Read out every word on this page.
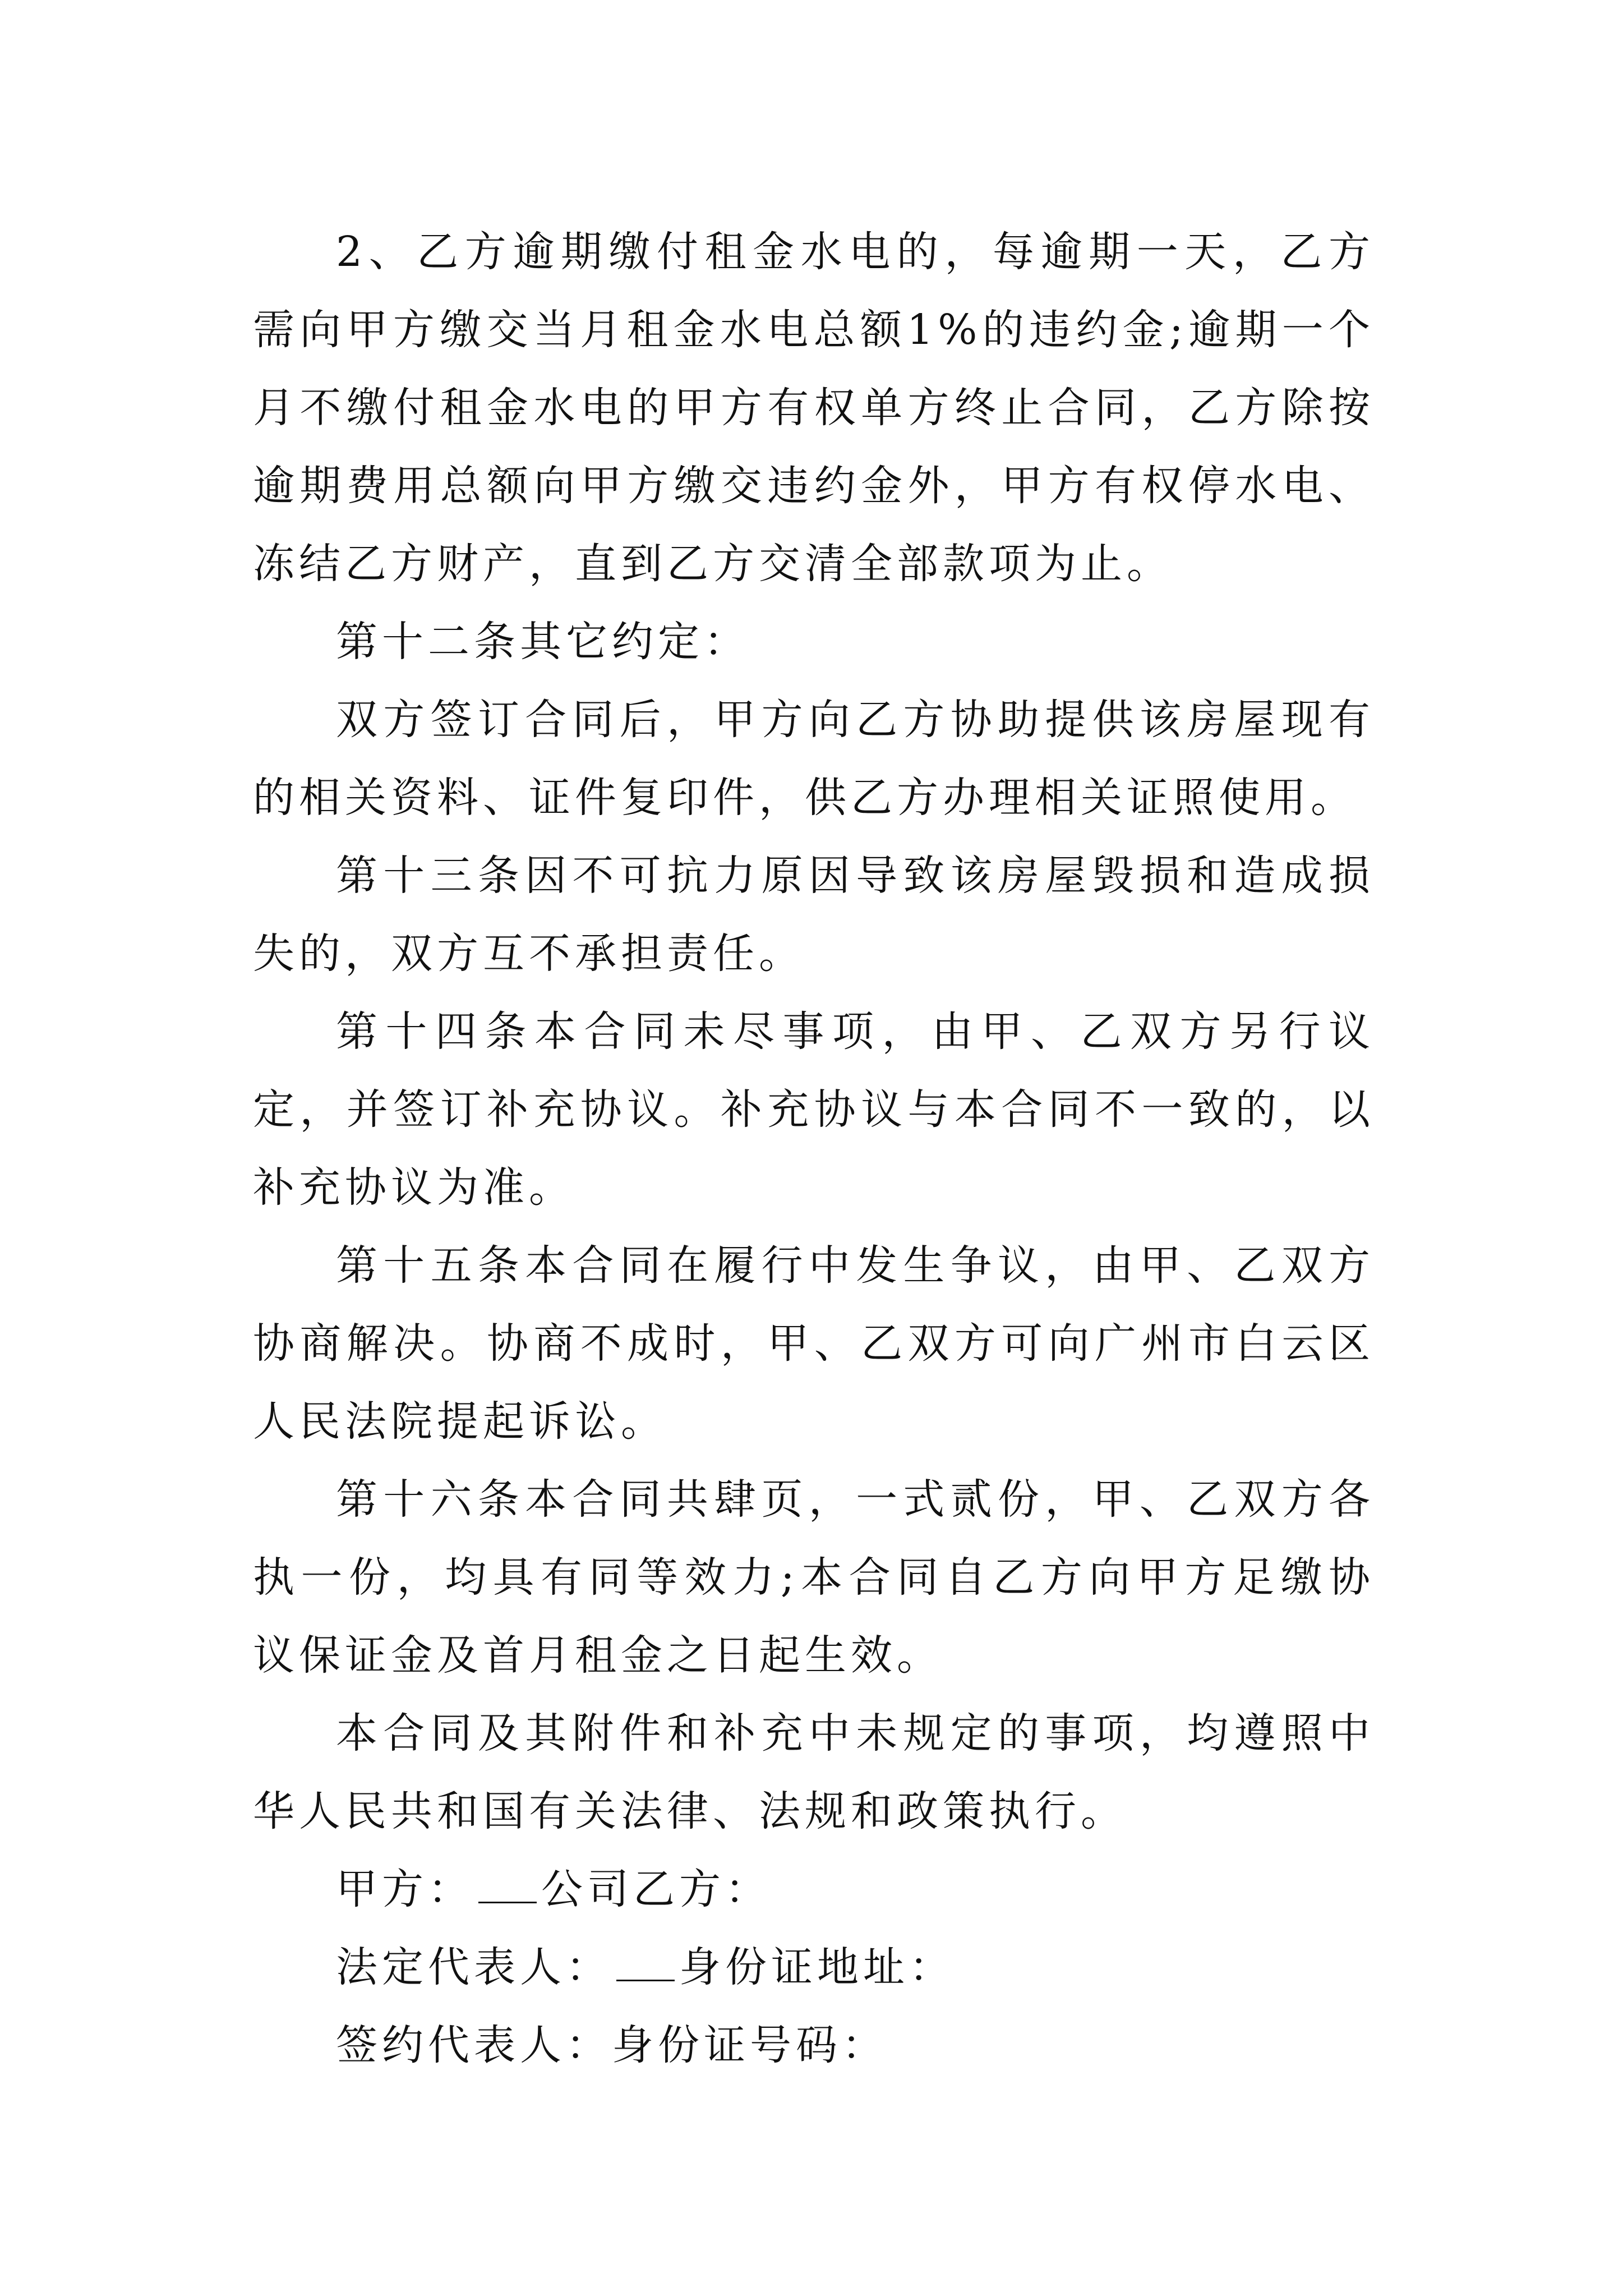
2、乙方逾期缴付租金水电的，每逾期一天，乙方需向甲方缴交当月租金水电总额1%的违约金;逾期一个月不缴付租金水电的甲方有权单方终止合同，乙方除按逾期费用总额向甲方缴交违约金外，甲方有权停水电、冻结乙方财产，直到乙方交清全部款项为止。

第十二条其它约定：

双方签订合同后，甲方向乙方协助提供该房屋现有的相关资料、证件复印件，供乙方办理相关证照使用。

第十三条因不可抗力原因导致该房屋毁损和造成损失的，双方互不承担责任。

第十四条本合同未尽事项，由甲、乙双方另行议定，并签订补充协议。补充协议与本合同不一致的，以补充协议为准。

第十五条本合同在履行中发生争议，由甲、乙双方协商解决。协商不成时，甲、乙双方可向广州市白云区人民法院提起诉讼。

第十六条本合同共肆页，一式贰份，甲、乙双方各执一份，均具有同等效力;本合同自乙方向甲方足缴协议保证金及首月租金之日起生效。

本合同及其附件和补充中未规定的事项，均遵照中华人民共和国有关法律、法规和政策执行。

甲方： 公司乙方：

法定代表人： 身份证地址：

签约代表人：身份证号码：
